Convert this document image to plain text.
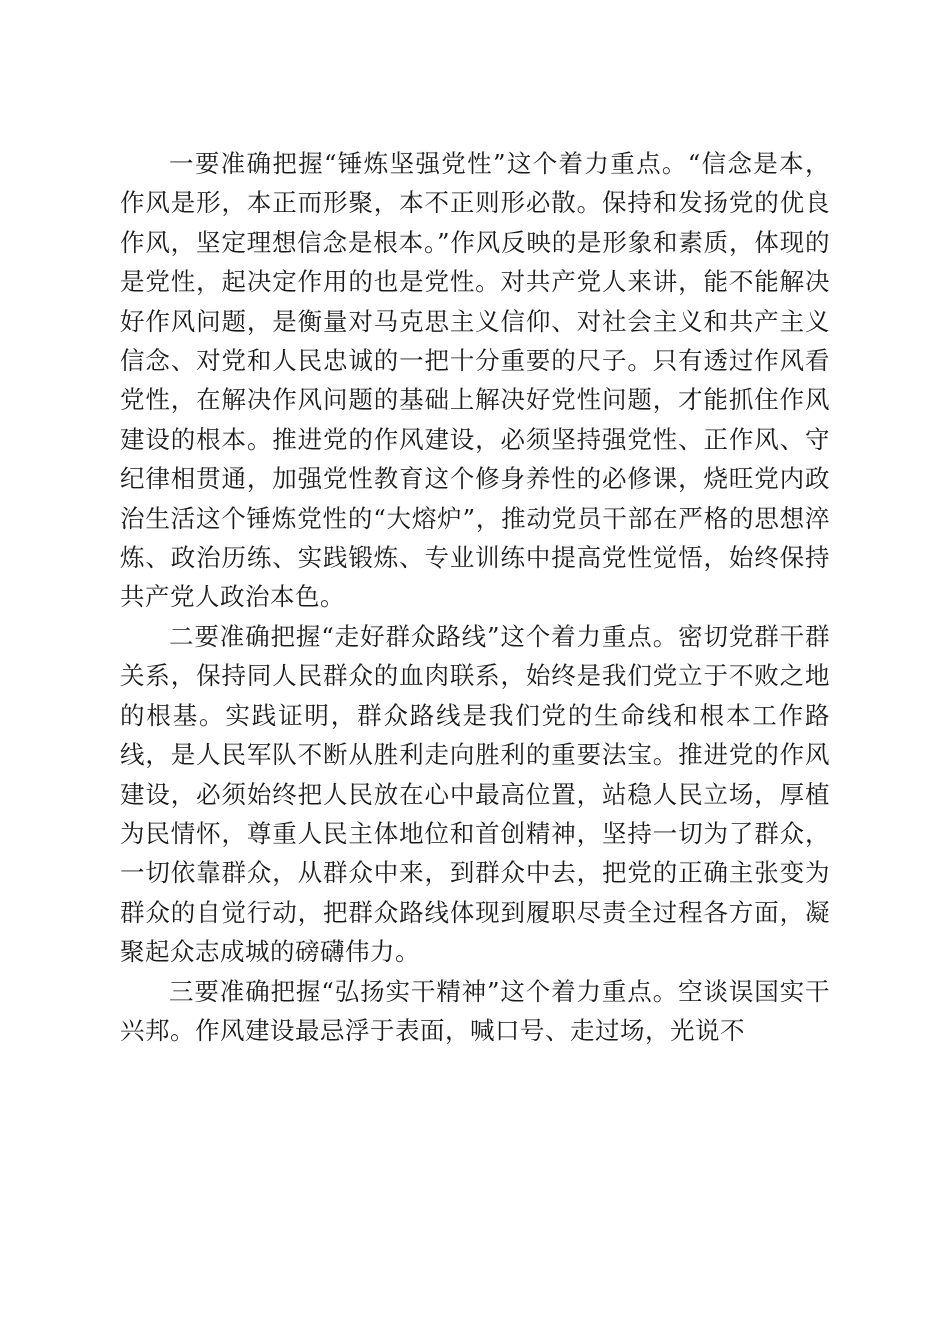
一要准确把握“锤炼坚强党性”这个着力重点。“信念是本，作风是形，本正而形聚，本不正则形必散。保持和发扬党的优良作风，坚定理想信念是根本。”作风反映的是形象和素质，体现的是党性，起决定作用的也是党性。对共产党人来讲，能不能解决好作风问题，是衡量对马克思主义信仰、对社会主义和共产主义信念、对党和人民忠诚的一把十分重要的尺子。只有透过作风看党性，在解决作风问题的基础上解决好党性问题，才能抓住作风建设的根本。推进党的作风建设，必须坚持强党性、正作风、守纪律相贯通，加强党性教育这个修身养性的必修课，烧旺党内政治生活这个锤炼党性的“大熔炉”，推动党员干部在严格的思想淬炼、政治历练、实践锻炼、专业训练中提高党性觉悟，始终保持共产党人政治本色。

二要准确把握“走好群众路线”这个着力重点。密切党群干群关系，保持同人民群众的血肉联系，始终是我们党立于不败之地的根基。实践证明，群众路线是我们党的生命线和根本工作路线，是人民军队不断从胜利走向胜利的重要法宝。推进党的作风建设，必须始终把人民放在心中最高位置，站稳人民立场，厚植为民情怀，尊重人民主体地位和首创精神，坚持一切为了群众，一切依靠群众，从群众中来，到群众中去，把党的正确主张变为群众的自觉行动，把群众路线体现到履职尽责全过程各方面，凝聚起众志成城的磅礴伟力。

三要准确把握“弘扬实干精神”这个着力重点。空谈误国实干兴邦。作风建设最忌浮于表面，喊口号、走过场，光说不
